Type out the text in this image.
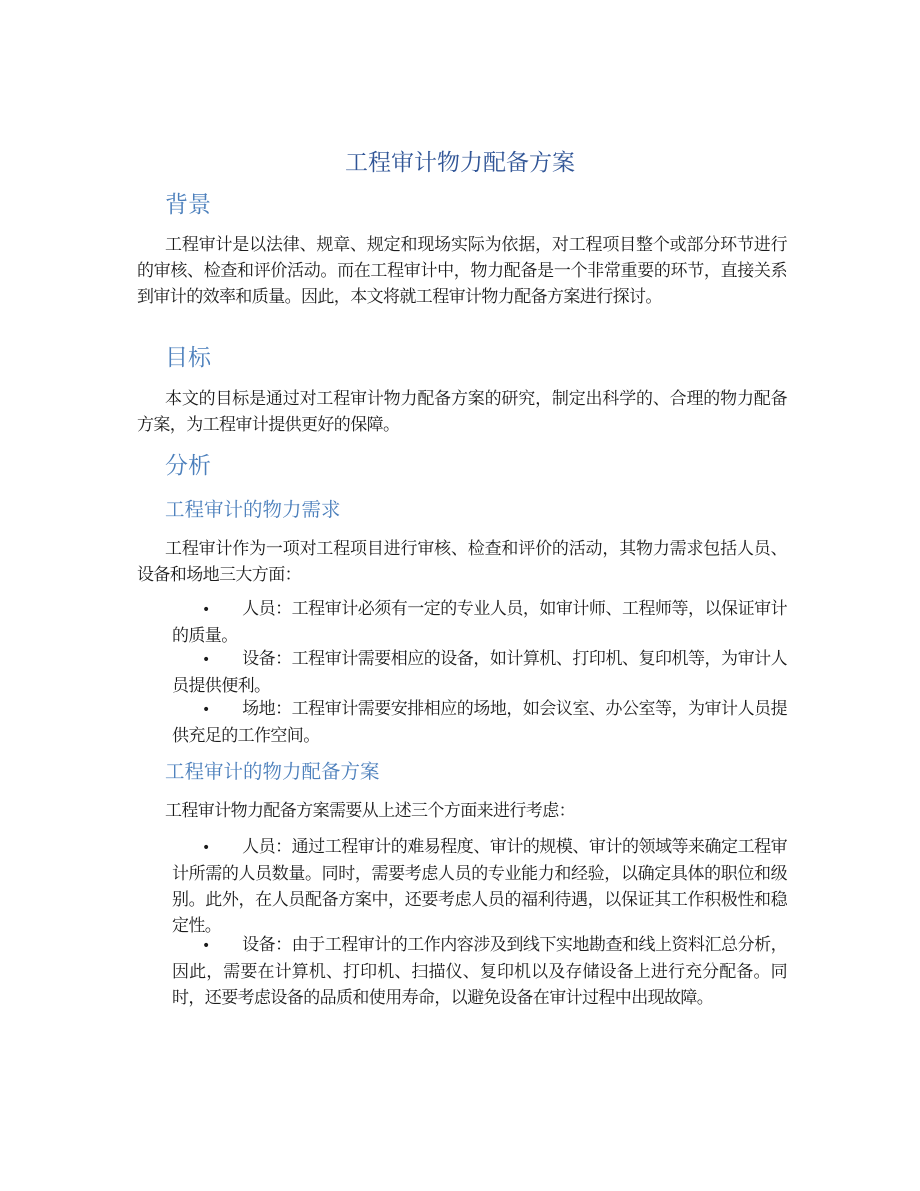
工程审计物力配备方案
背景

工程审计是以法律、规章、规定和现场实际为依据，对工程项目整个或部分环节进行的审核、检查和评价活动。而在工程审计中，物力配备是一个非常重要的环节，直接关系到审计的效率和质量。因此，本文将就工程审计物力配备方案进行探讨。

目标

本文的目标是通过对工程审计物力配备方案的研究，制定出科学的、合理的物力配备方案，为工程审计提供更好的保障。

分析
工程审计的物力需求

工程审计作为一项对工程项目进行审核、检查和评价的活动，其物力需求包括人员、设备和场地三大方面：

• 人员：工程审计必须有一定的专业人员，如审计师、工程师等，以保证审计的质量。
• 设备：工程审计需要相应的设备，如计算机、打印机、复印机等，为审计人员提供便利。
• 场地：工程审计需要安排相应的场地，如会议室、办公室等，为审计人员提供充足的工作空间。
工程审计的物力配备方案

工程审计物力配备方案需要从上述三个方面来进行考虑：

• 人员：通过工程审计的难易程度、审计的规模、审计的领域等来确定工程审计所需的人员数量。同时，需要考虑人员的专业能力和经验，以确定具体的职位和级别。此外，在人员配备方案中，还要考虑人员的福利待遇，以保证其工作积极性和稳定性。
• 设备：由于工程审计的工作内容涉及到线下实地勘查和线上资料汇总分析，因此，需要在计算机、打印机、扫描仪、复印机以及存储设备上进行充分配备。同时，还要考虑设备的品质和使用寿命，以避免设备在审计过程中出现故障。
